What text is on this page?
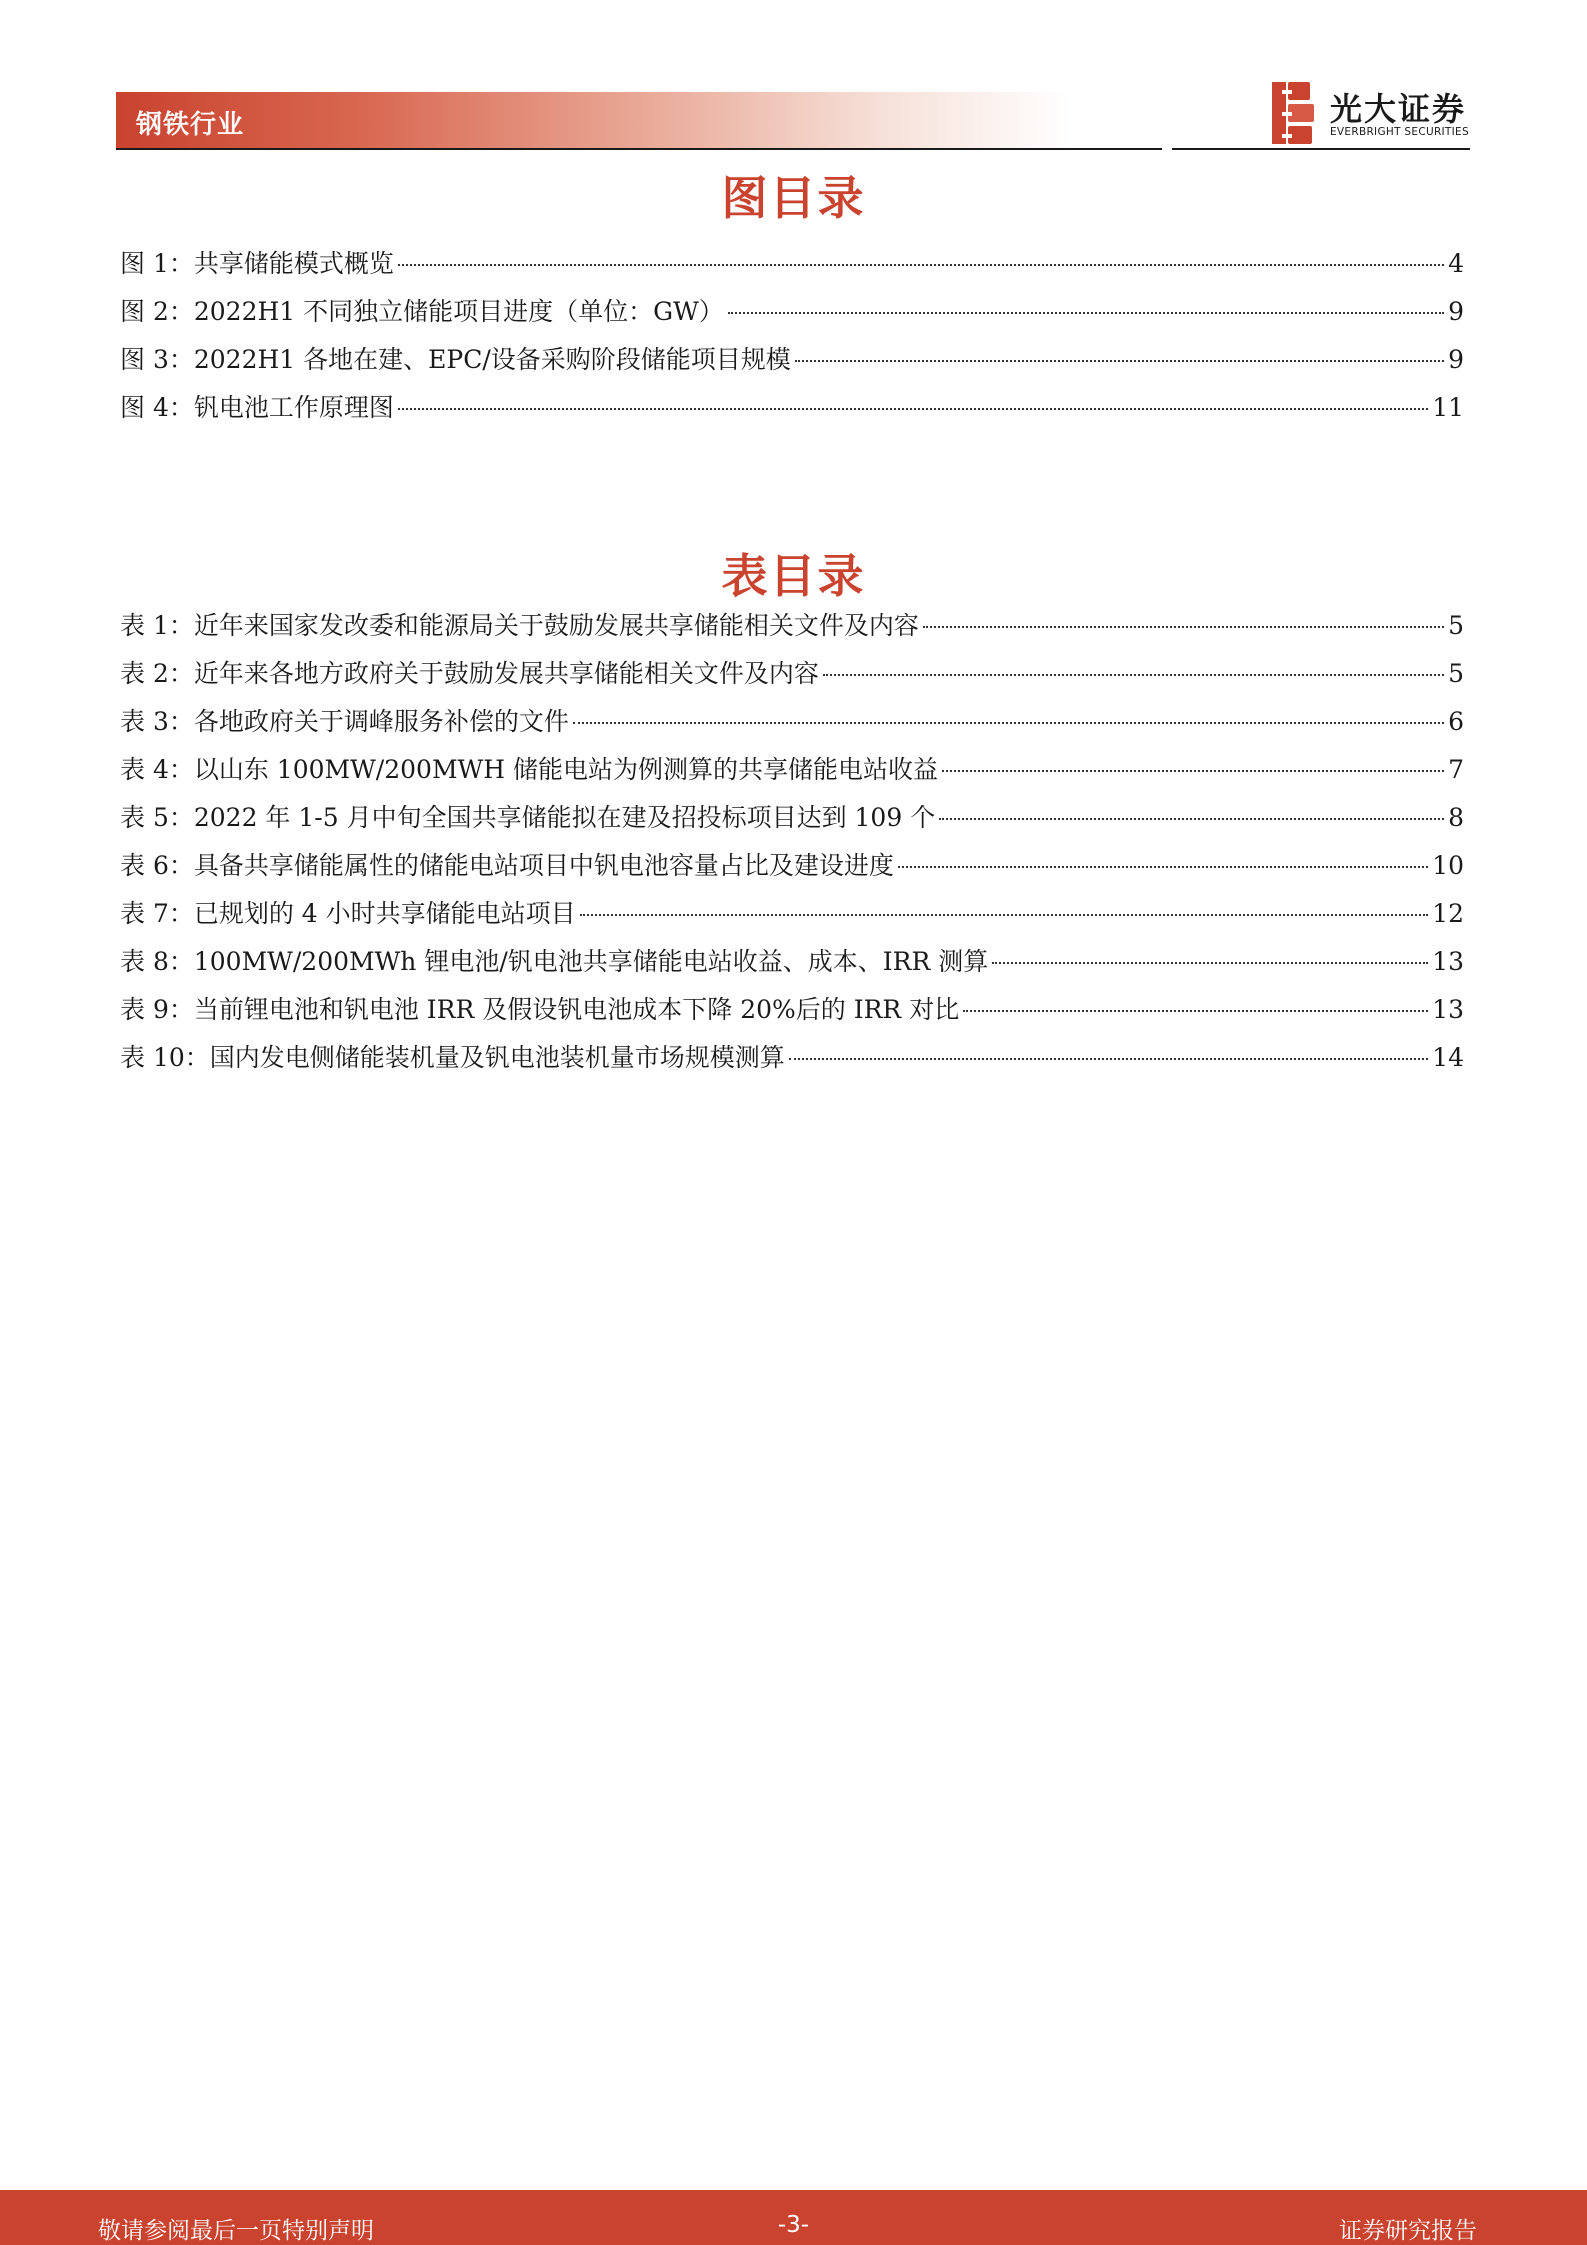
钢铁行业	光大证券
EVERBRIGHT SECURITIES
图目录
图 1：共享储能模式概览	4
图 2：2022H1 不同独立储能项目进度（单位：GW）	9
图 3：2022H1 各地在建、EPC/设备采购阶段储能项目规模	9
图 4：钒电池工作原理图	11
表目录
表 1：近年来国家发改委和能源局关于鼓励发展共享储能相关文件及内容	5
表 2：近年来各地方政府关于鼓励发展共享储能相关文件及内容	5
表 3：各地政府关于调峰服务补偿的文件	6
表 4：以山东 100MW/200MWH 储能电站为例测算的共享储能电站收益	7
表 5：2022 年 1-5 月中旬全国共享储能拟在建及招投标项目达到 109 个	8
表 6：具备共享储能属性的储能电站项目中钒电池容量占比及建设进度	10
表 7：已规划的 4 小时共享储能电站项目	12
表 8：100MW/200MWh 锂电池/钒电池共享储能电站收益、成本、IRR 测算	13
表 9：当前锂电池和钒电池 IRR 及假设钒电池成本下降 20%后的 IRR 对比	13
表 10：国内发电侧储能装机量及钒电池装机量市场规模测算	14
敬请参阅最后一页特别声明	-3-	证券研究报告
